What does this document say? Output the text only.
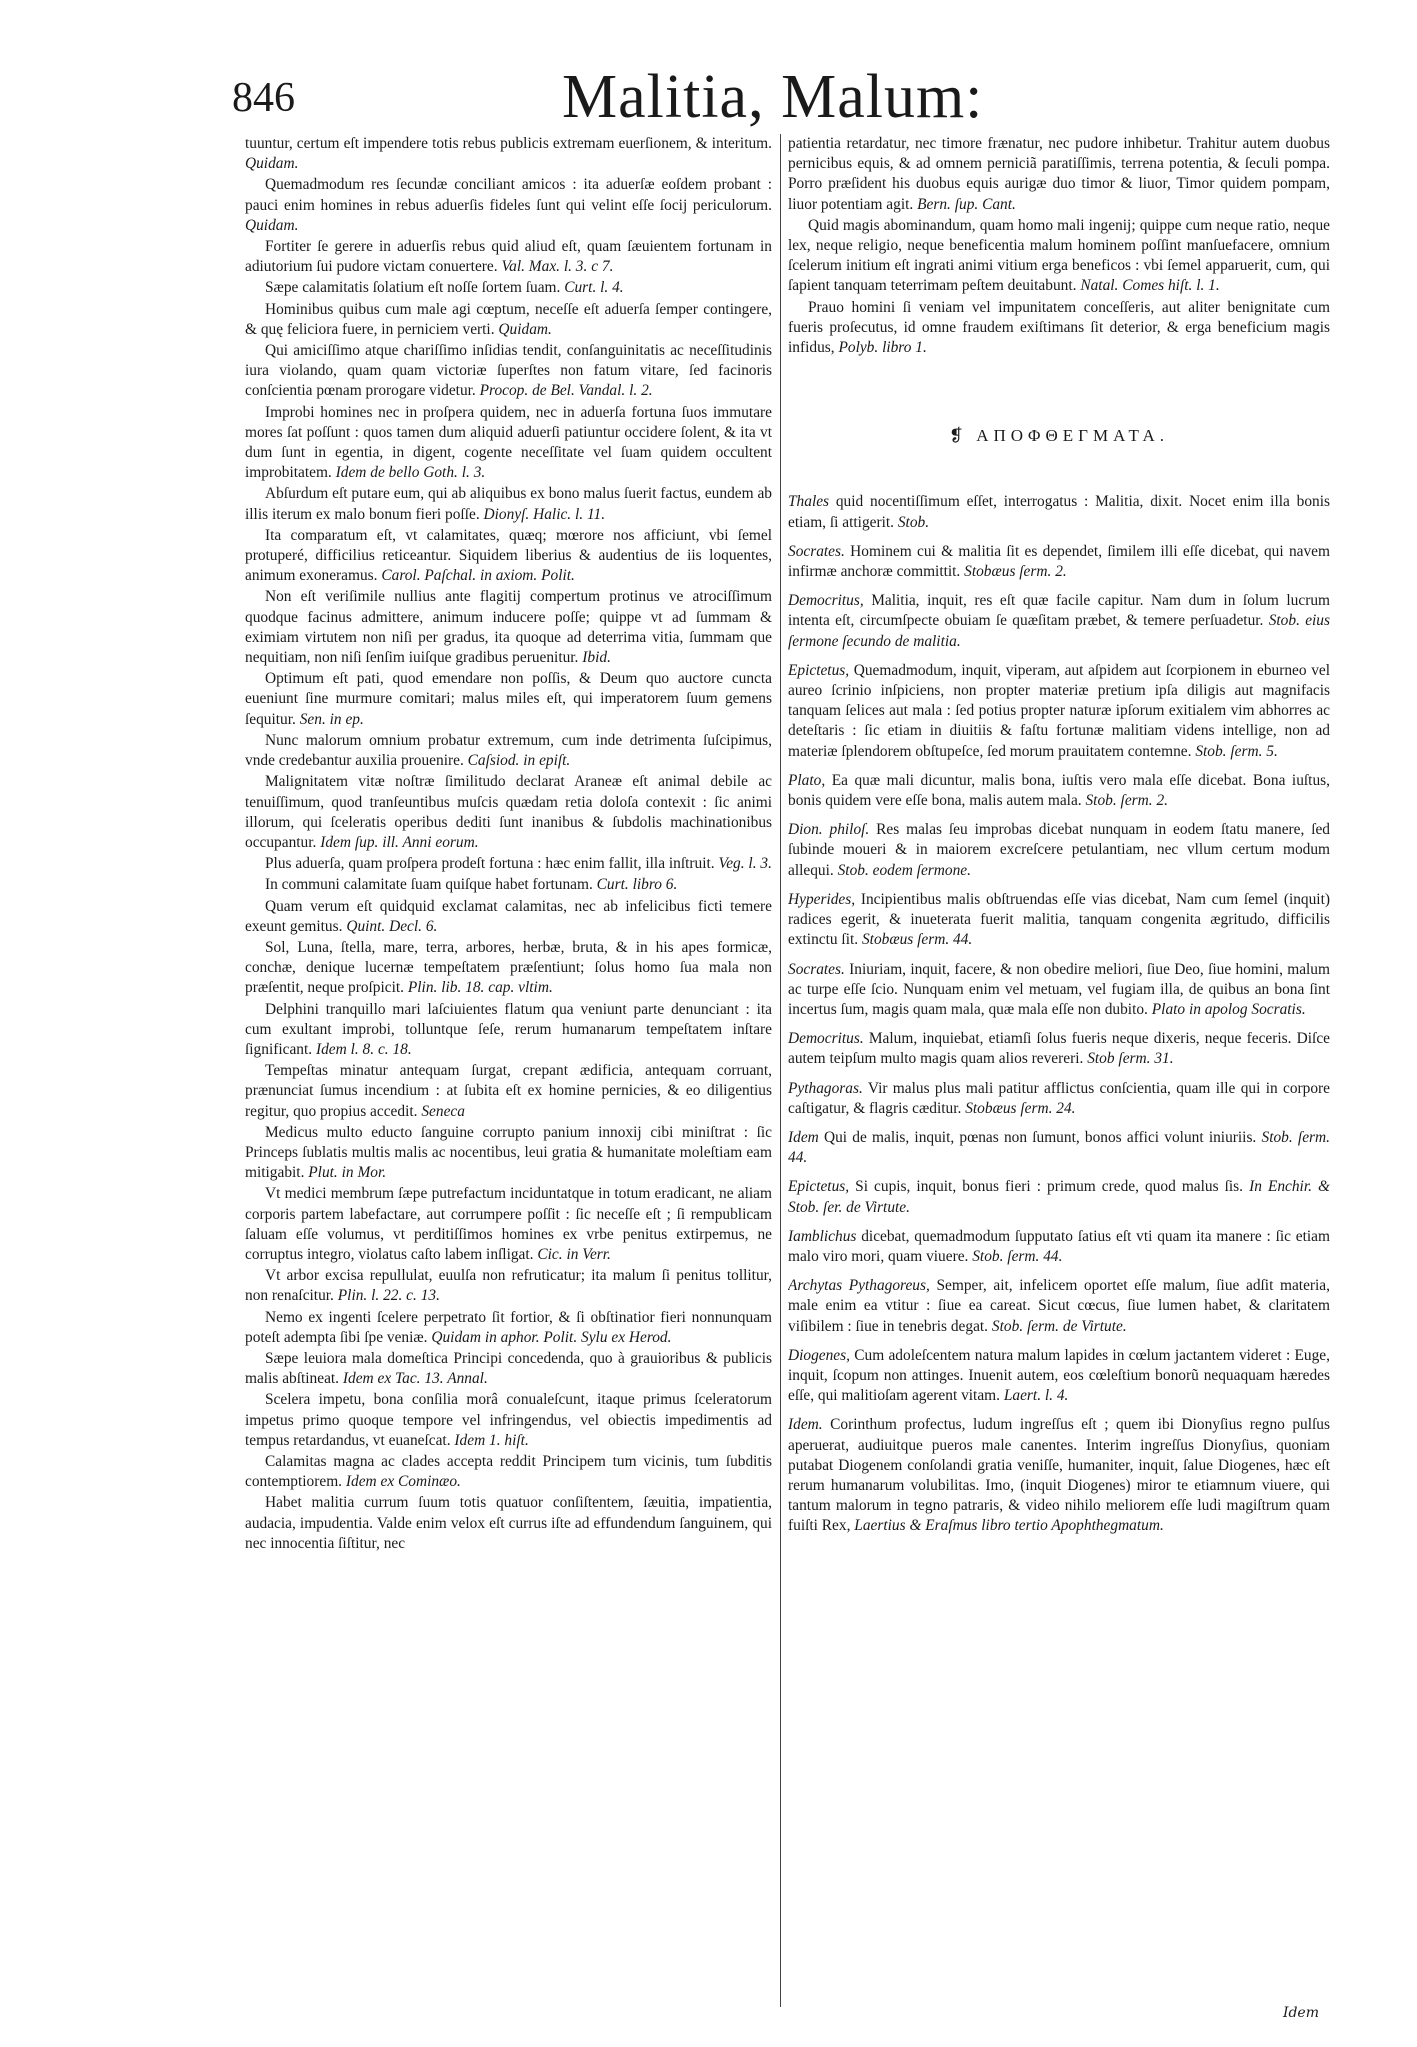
846	Malitia, Malum:

tuuntur, certum eſt impendere totis rebus publicis extremam euerſionem, & interitum. Quidam.

Quemadmodum res ſecundæ conciliant amicos : ita aduerſæ eoſdem probant : pauci enim homines in rebus aduerſis fideles ſunt qui velint eſſe ſocij periculorum. Quidam.

Fortiter ſe gerere in aduerſis rebus quid aliud eſt, quam ſæuientem fortunam in adiutorium ſui pudore victam conuertere. Val. Max. l. 3. c 7.

Sæpe calamitatis ſolatium eſt noſſe ſortem ſuam. Curt. l. 4.

Hominibus quibus cum male agi cœptum, neceſſe eſt aduerſa ſemper contingere, & quę feliciora fuere, in perniciem verti. Quidam.

Qui amiciſſimo atque chariſſimo inſidias tendit, conſanguinitatis ac neceſſitudinis iura violando, quam quam victoriæ ſuperſtes non fatum vitare, ſed facinoris conſcientia pœnam prorogare videtur. Procop. de Bel. Vandal. l. 2.

Improbi homines nec in proſpera quidem, nec in aduerſa fortuna ſuos immutare mores ſat poſſunt : quos tamen dum aliquid aduerſi patiuntur occidere ſolent, & ita vt dum ſunt in egentia, in digent, cogente neceſſitate vel ſuam quidem occultent improbitatem. Idem de bello Goth. l. 3.

Abſurdum eſt putare eum, qui ab aliquibus ex bono malus ſuerit factus, eundem ab illis iterum ex malo bonum fieri poſſe. Dionyſ. Halic. l. 11.

Ita comparatum eſt, vt calamitates, quæq; mœrore nos afficiunt, vbi ſemel protuperé, difficilius reticeantur. Siquidem liberius & audentius de iis loquentes, animum exoneramus. Carol. Paſchal. in axiom. Polit.

Non eſt veriſimile nullius ante flagitij compertum protinus ve atrociſſimum quodque facinus admittere, animum inducere poſſe; quippe vt ad ſummam & eximiam virtutem non niſi per gradus, ita quoque ad deterrima vitia, ſummam que nequitiam, non niſi ſenſim iuiſque gradibus peruenitur. Ibid.

Optimum eſt pati, quod emendare non poſſis, & Deum quo auctore cuncta eueniunt ſine murmure comitari; malus miles eſt, qui imperatorem ſuum gemens ſequitur. Sen. in ep.

Nunc malorum omnium probatur extremum, cum inde detrimenta ſuſcipimus, vnde credebantur auxilia prouenire. Caſsiod. in epiſt.

Malignitatem vitæ noſtræ ſimilitudo declarat Araneæ eſt animal debile ac tenuiſſimum, quod tranſeuntibus muſcis quædam retia doloſa contexit : ſic animi illorum, qui ſceleratis operibus dediti ſunt inanibus & ſubdolis machinationibus occupantur. Idem ſup. ill. Anni eorum.

Plus aduerſa, quam proſpera prodeſt fortuna : hæc enim fallit, illa inſtruit. Veg. l. 3.

In communi calamitate ſuam quiſque habet fortunam. Curt. libro 6.

Quam verum eſt quidquid exclamat calamitas, nec ab infelicibus ficti temere exeunt gemitus. Quint. Decl. 6.

Sol, Luna, ſtella, mare, terra, arbores, herbæ, bruta, & in his apes formicæ, conchæ, denique lucernæ tempeſtatem præſentiunt; ſolus homo ſua mala non præſentit, neque proſpicit. Plin. lib. 18. cap. vltim.

Delphini tranquillo mari laſciuientes flatum qua veniunt parte denunciant : ita cum exultant improbi, tolluntque ſeſe, rerum humanarum tempeſtatem inſtare ſignificant. Idem l. 8. c. 18.

Tempeſtas minatur antequam ſurgat, crepant ædificia, antequam corruant, prænunciat ſumus incendium : at ſubita eſt ex homine pernicies, & eo diligentius regitur, quo propius accedit. Seneca

Medicus multo educto ſanguine corrupto panium innoxij cibi miniſtrat : ſic Princeps ſublatis multis malis ac nocentibus, leui gratia & humanitate moleſtiam eam mitigabit. Plut. in Mor.

Vt medici membrum ſæpe putrefactum inciduntatque in totum eradicant, ne aliam corporis partem labefactare, aut corrumpere poſſit : ſic neceſſe eſt ; ſi rempublicam ſaluam eſſe volumus, vt perditiſſimos homines ex vrbe penitus extirpemus, ne corruptus integro, violatus caſto labem inſligat. Cic. in Verr.

Vt arbor excisa repullulat, euulſa non refruticatur; ita malum ſi penitus tollitur, non renaſcitur. Plin. l. 22. c. 13.

Nemo ex ingenti ſcelere perpetrato ſit fortior, & ſi obſtinatior fieri nonnunquam poteſt adempta ſibi ſpe veniæ. Quidam in aphor. Polit. Sylu ex Herod.

Sæpe leuiora mala domeſtica Principi concedenda, quo à grauioribus & publicis malis abſtineat. Idem ex Tac. 13. Annal.

Scelera impetu, bona conſilia morâ conualeſcunt, itaque primus ſceleratorum impetus primo quoque tempore vel infringendus, vel obiectis impedimentis ad tempus retardandus, vt euaneſcat. Idem 1. hiſt.

Calamitas magna ac clades accepta reddit Principem tum vicinis, tum ſubditis contemptiorem. Idem ex Cominæo.

Habet malitia currum ſuum totis quatuor conſiſtentem, ſæuitia, impatientia, audacia, impudentia. Valde enim velox eſt currus iſte ad effundendum ſanguinem, qui nec innocentia ſiſtitur, nec

patientia retardatur, nec timore frænatur, nec pudore inhibetur. Trahitur autem duobus pernicibus equis, & ad omnem perniciã paratiſſimis, terrena potentia, & ſeculi pompa. Porro præſident his duobus equis aurigæ duo timor & liuor, Timor quidem pompam, liuor potentiam agit. Bern. ſup. Cant.

Quid magis abominandum, quam homo mali ingenij; quippe cum neque ratio, neque lex, neque religio, neque beneficentia malum hominem poſſint manſuefacere, omnium ſcelerum initium eſt ingrati animi vitium erga beneficos : vbi ſemel apparuerit, cum, qui ſapient tanquam teterrimam peſtem deuitabunt. Natal. Comes hiſt. l. 1.

Prauo homini ſi veniam vel impunitatem conceſſeris, aut aliter benignitate cum fueris proſecutus, id omne fraudem exiſtimans ſit deterior, & erga beneficium magis infidus, Polyb. libro 1.

❡ ΑΠΟΦΘΕΓΜΑΤΑ.

Thales quid nocentiſſimum eſſet, interrogatus : Malitia, dixit. Nocet enim illa bonis etiam, ſi attigerit. Stob.

Socrates. Hominem cui & malitia ſit es dependet, ſimilem illi eſſe dicebat, qui navem infirmæ anchoræ committit. Stobæus ſerm. 2.

Democritus, Malitia, inquit, res eſt quæ facile capitur. Nam dum in ſolum lucrum intenta eſt, circumſpecte obuiam ſe quæſitam præbet, & temere perſuadetur. Stob. eius ſermone ſecundo de malitia.

Epictetus, Quemadmodum, inquit, viperam, aut aſpidem aut ſcorpionem in eburneo vel aureo ſcrinio inſpiciens, non propter materiæ pretium ipſa diligis aut magnifacis tanquam ſelices aut mala : ſed potius propter naturæ ipſorum exitialem vim abhorres ac deteſtaris : ſic etiam in diuitiis & faſtu fortunæ malitiam videns intellige, non ad materiæ ſplendorem obſtupeſce, ſed morum prauitatem contemne. Stob. ſerm. 5.

Plato, Ea quæ mali dicuntur, malis bona, iuſtis vero mala eſſe dicebat. Bona iuſtus, bonis quidem vere eſſe bona, malis autem mala. Stob. ſerm. 2.

Dion. philoſ. Res malas ſeu improbas dicebat nunquam in eodem ſtatu manere, ſed ſubinde moueri & in maiorem excreſcere petulantiam, nec vllum certum modum allequi. Stob. eodem ſermone.

Hyperides, Incipientibus malis obſtruendas eſſe vias dicebat, Nam cum ſemel (inquit) radices egerit, & inueterata fuerit malitia, tanquam congenita ægritudo, difficilis extinctu ſit. Stobæus ſerm. 44.

Socrates. Iniuriam, inquit, facere, & non obedire meliori, ſiue Deo, ſiue homini, malum ac turpe eſſe ſcio. Nunquam enim vel metuam, vel fugiam illa, de quibus an bona ſint incertus ſum, magis quam mala, quæ mala eſſe non dubito. Plato in apolog Socratis.

Democritus. Malum, inquiebat, etiamſi ſolus fueris neque dixeris, neque feceris. Diſce autem teipſum multo magis quam alios revereri. Stob ſerm. 31.

Pythagoras. Vir malus plus mali patitur afflictus conſcientia, quam ille qui in corpore caſtigatur, & flagris cæditur. Stobæus ſerm. 24.

Idem Qui de malis, inquit, pœnas non ſumunt, bonos affici volunt iniuriis. Stob. ſerm. 44.

Epictetus, Si cupis, inquit, bonus fieri : primum crede, quod malus ſis. In Enchir. & Stob. ſer. de Virtute.

Iamblichus dicebat, quemadmodum ſupputato ſatius eſt vti quam ita manere : ſic etiam malo viro mori, quam viuere. Stob. ſerm. 44.

Archytas Pythagoreus, Semper, ait, infelicem oportet eſſe malum, ſiue adſit materia, male enim ea vtitur : ſiue ea careat. Sicut cœcus, ſiue lumen habet, & claritatem viſibilem : ſiue in tenebris degat. Stob. ſerm. de Virtute.

Diogenes, Cum adoleſcentem natura malum lapides in cœlum jactantem videret : Euge, inquit, ſcopum non attinges. Inuenit autem, eos cœleſtium bonorũ nequaquam hæredes eſſe, qui malitioſam agerent vitam. Laert. l. 4.

Idem. Corinthum profectus, ludum ingreſſus eſt ; quem ibi Dionyſius regno pulſus aperuerat, audiuitque pueros male canentes. Interim ingreſſus Dionyſius, quoniam putabat Diogenem conſolandi gratia veniſſe, humaniter, inquit, ſalue Diogenes, hæc eſt rerum humanarum volubilitas. Imo, (inquit Diogenes) miror te etiamnum viuere, qui tantum malorum in tegno patraris, & video nihilo meliorem eſſe ludi magiſtrum quam fuiſti Rex, Laertius & Eraſmus libro tertio Apophthegmatum.

Idem
